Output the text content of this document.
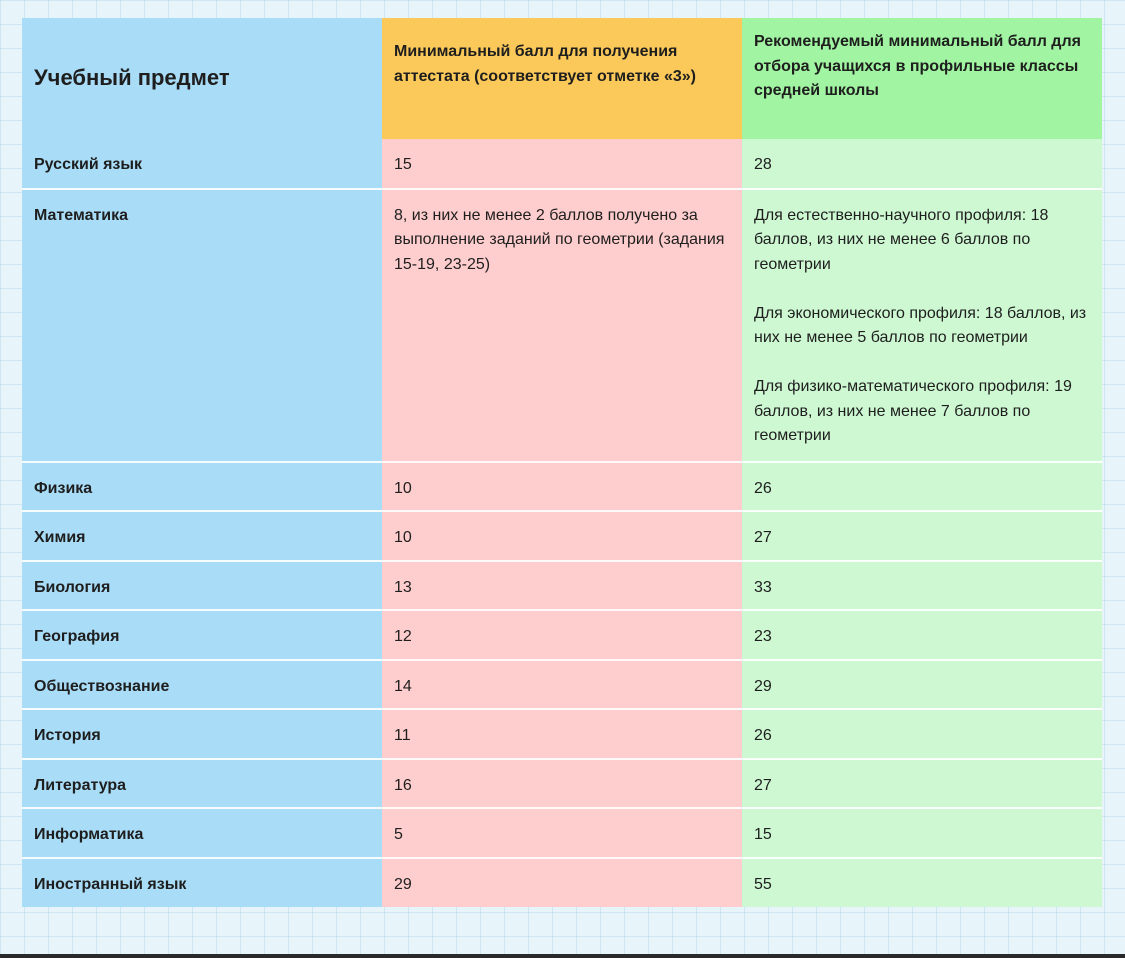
Учебный предмет	Минимальный балл для получения аттестата (соответствует отметке «3»)	Рекомендуемый минимальный балл для отбора учащихся в профильные классы средней школы
Русский язык	15	28

Математика	8, из них не менее 2 баллов получено за выполнение заданий по геометрии (задания 15-19, 23-25)	Для естественно-научного профиля: 18 баллов, из них не менее 6 баллов по геометрии
Для экономического профиля: 18 баллов, из них не менее 5 баллов по геометрии
Для физико-математического профиля: 19 баллов, из них не менее 7 баллов по геометрии

Физика	10	26

Химия	10	27

Биология	13	33

География	12	23

Обществознание	14	29

История	11	26

Литература	16	27

Информатика	5	15

Иностранный язык	29	55
